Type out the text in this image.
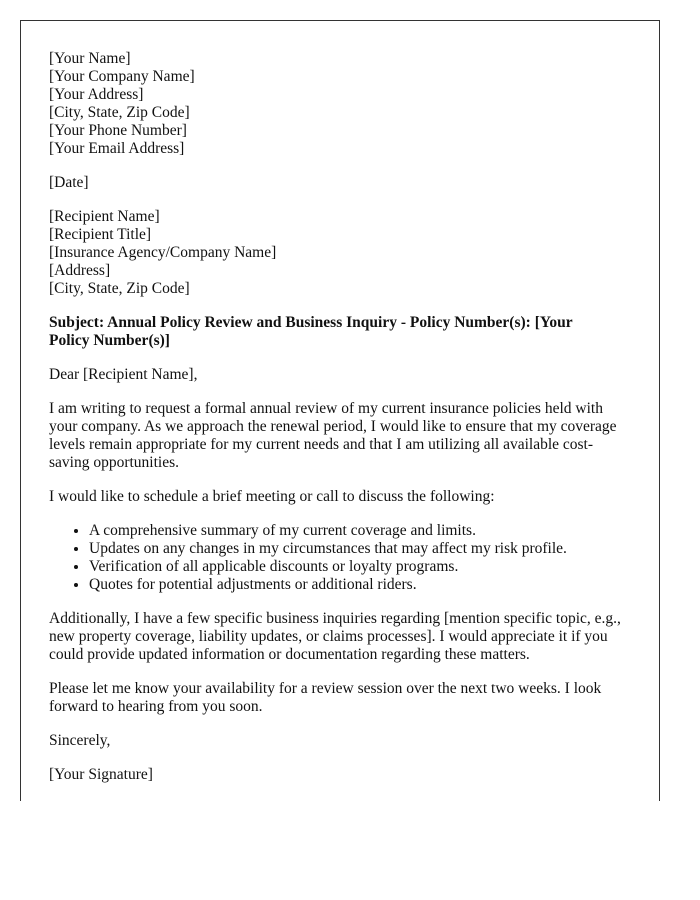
[Your Name]
[Your Company Name]
[Your Address]
[City, State, Zip Code]
[Your Phone Number]
[Your Email Address]
[Date]
[Recipient Name]
[Recipient Title]
[Insurance Agency/Company Name]
[Address]
[City, State, Zip Code]
Subject: Annual Policy Review and Business Inquiry - Policy Number(s): [Your Policy Number(s)]

Dear [Recipient Name],

I am writing to request a formal annual review of my current insurance policies held with your company. As we approach the renewal period, I would like to ensure that my coverage levels remain appropriate for my current needs and that I am utilizing all available cost-saving opportunities.

I would like to schedule a brief meeting or call to discuss the following:

• A comprehensive summary of my current coverage and limits.
• Updates on any changes in my circumstances that may affect my risk profile.
• Verification of all applicable discounts or loyalty programs.
• Quotes for potential adjustments or additional riders.

Additionally, I have a few specific business inquiries regarding [mention specific topic, e.g., new property coverage, liability updates, or claims processes]. I would appreciate it if you could provide updated information or documentation regarding these matters.

Please let me know your availability for a review session over the next two weeks. I look forward to hearing from you soon.

Sincerely,

[Your Signature]
